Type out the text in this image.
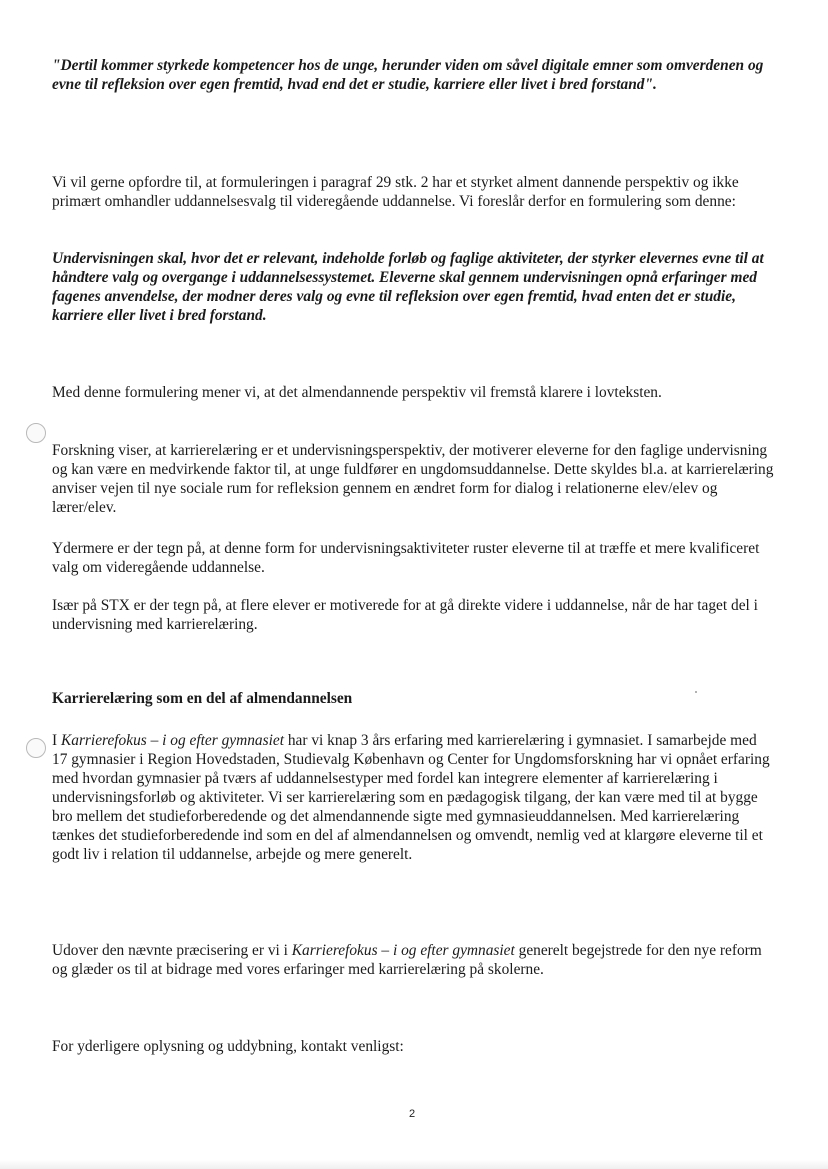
"Dertil kommer styrkede kompetencer hos de unge, herunder viden om såvel digitale emner som omverdenen og evne til refleksion over egen fremtid, hvad end det er studie, karriere eller livet i bred forstand".
Vi vil gerne opfordre til, at formuleringen i paragraf 29 stk. 2 har et styrket alment dannende perspektiv og ikke primært omhandler uddannelsesvalg til videregående uddannelse. Vi foreslår derfor en formulering som denne:
Undervisningen skal, hvor det er relevant, indeholde forløb og faglige aktiviteter, der styrker elevernes evne til at håndtere valg og overgange i uddannelsessystemet. Eleverne skal gennem undervisningen opnå erfaringer med fagenes anvendelse, der modner deres valg og evne til refleksion over egen fremtid, hvad enten det er studie, karriere eller livet i bred forstand.
Med denne formulering mener vi, at det almendannende perspektiv vil fremstå klarere i lovteksten.
Forskning viser, at karrierelæring er et undervisningsperspektiv, der motiverer eleverne for den faglige undervisning og kan være en medvirkende faktor til, at unge fuldfører en ungdomsuddannelse. Dette skyldes bl.a. at karrierelæring anviser vejen til nye sociale rum for refleksion gennem en ændret form for dialog i relationerne elev/elev og lærer/elev.
Ydermere er der tegn på, at denne form for undervisningsaktiviteter ruster eleverne til at træffe et mere kvalificeret valg om videregående uddannelse.
Især på STX er der tegn på, at flere elever er motiverede for at gå direkte videre i uddannelse, når de har taget del i undervisning med karrierelæring.
Karrierelæring som en del af almendannelsen
I Karrierefokus – i og efter gymnasiet har vi knap 3 års erfaring med karrierelæring i gymnasiet. I samarbejde med 17 gymnasier i Region Hovedstaden, Studievalg København og Center for Ungdomsforskning har vi opnået erfaring med hvordan gymnasier på tværs af uddannelsestyper med fordel kan integrere elementer af karrierelæring i undervisningsforløb og aktiviteter. Vi ser karrierelæring som en pædagogisk tilgang, der kan være med til at bygge bro mellem det studieforberedende og det almendannende sigte med gymnasieuddannelsen. Med karrierelæring tænkes det studieforberedende ind som en del af almendannelsen og omvendt, nemlig ved at klargøre eleverne til et godt liv i relation til uddannelse, arbejde og mere generelt.
Udover den nævnte præcisering er vi i Karrierefokus – i og efter gymnasiet generelt begejstrede for den nye reform og glæder os til at bidrage med vores erfaringer med karrierelæring på skolerne.
For yderligere oplysning og uddybning, kontakt venligst:
2
